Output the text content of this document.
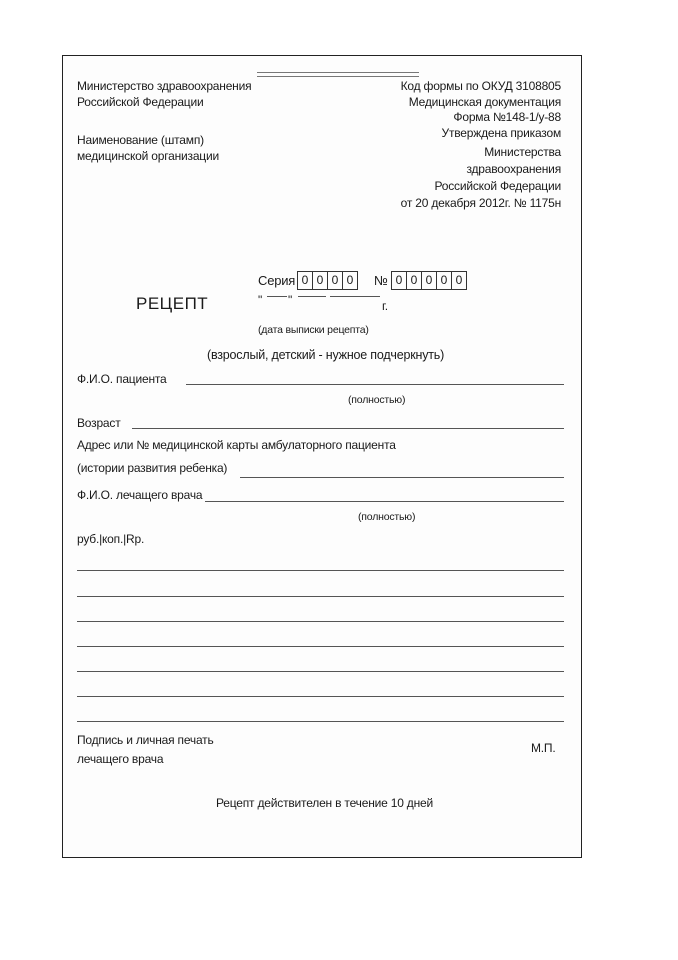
Министерство здравоохранения
Российской Федерации
Наименование (штамп)
медицинской организации
Код формы по ОКУД 3108805
Медицинская документация
Форма №148-1/у-88
Утверждена приказом
Министерства
здравоохранения
Российской Федерации
от 20 декабря 2012г. № 1175н
Серия 0 0 0 0	№ 0 0 0 0 0
РЕЦЕПТ	" "	г.
(дата выписки рецепта)
(взрослый, детский - нужное подчеркнуть)
Ф.И.О. пациента
(полностью)
Возраст
Адрес или № медицинской карты амбулаторного пациента
(истории развития ребенка)
Ф.И.О. лечащего врача
(полностью)
руб.|коп.|Rp.
Подпись и личная печать
лечащего врача
М.П.
Рецепт действителен в течение 10 дней
